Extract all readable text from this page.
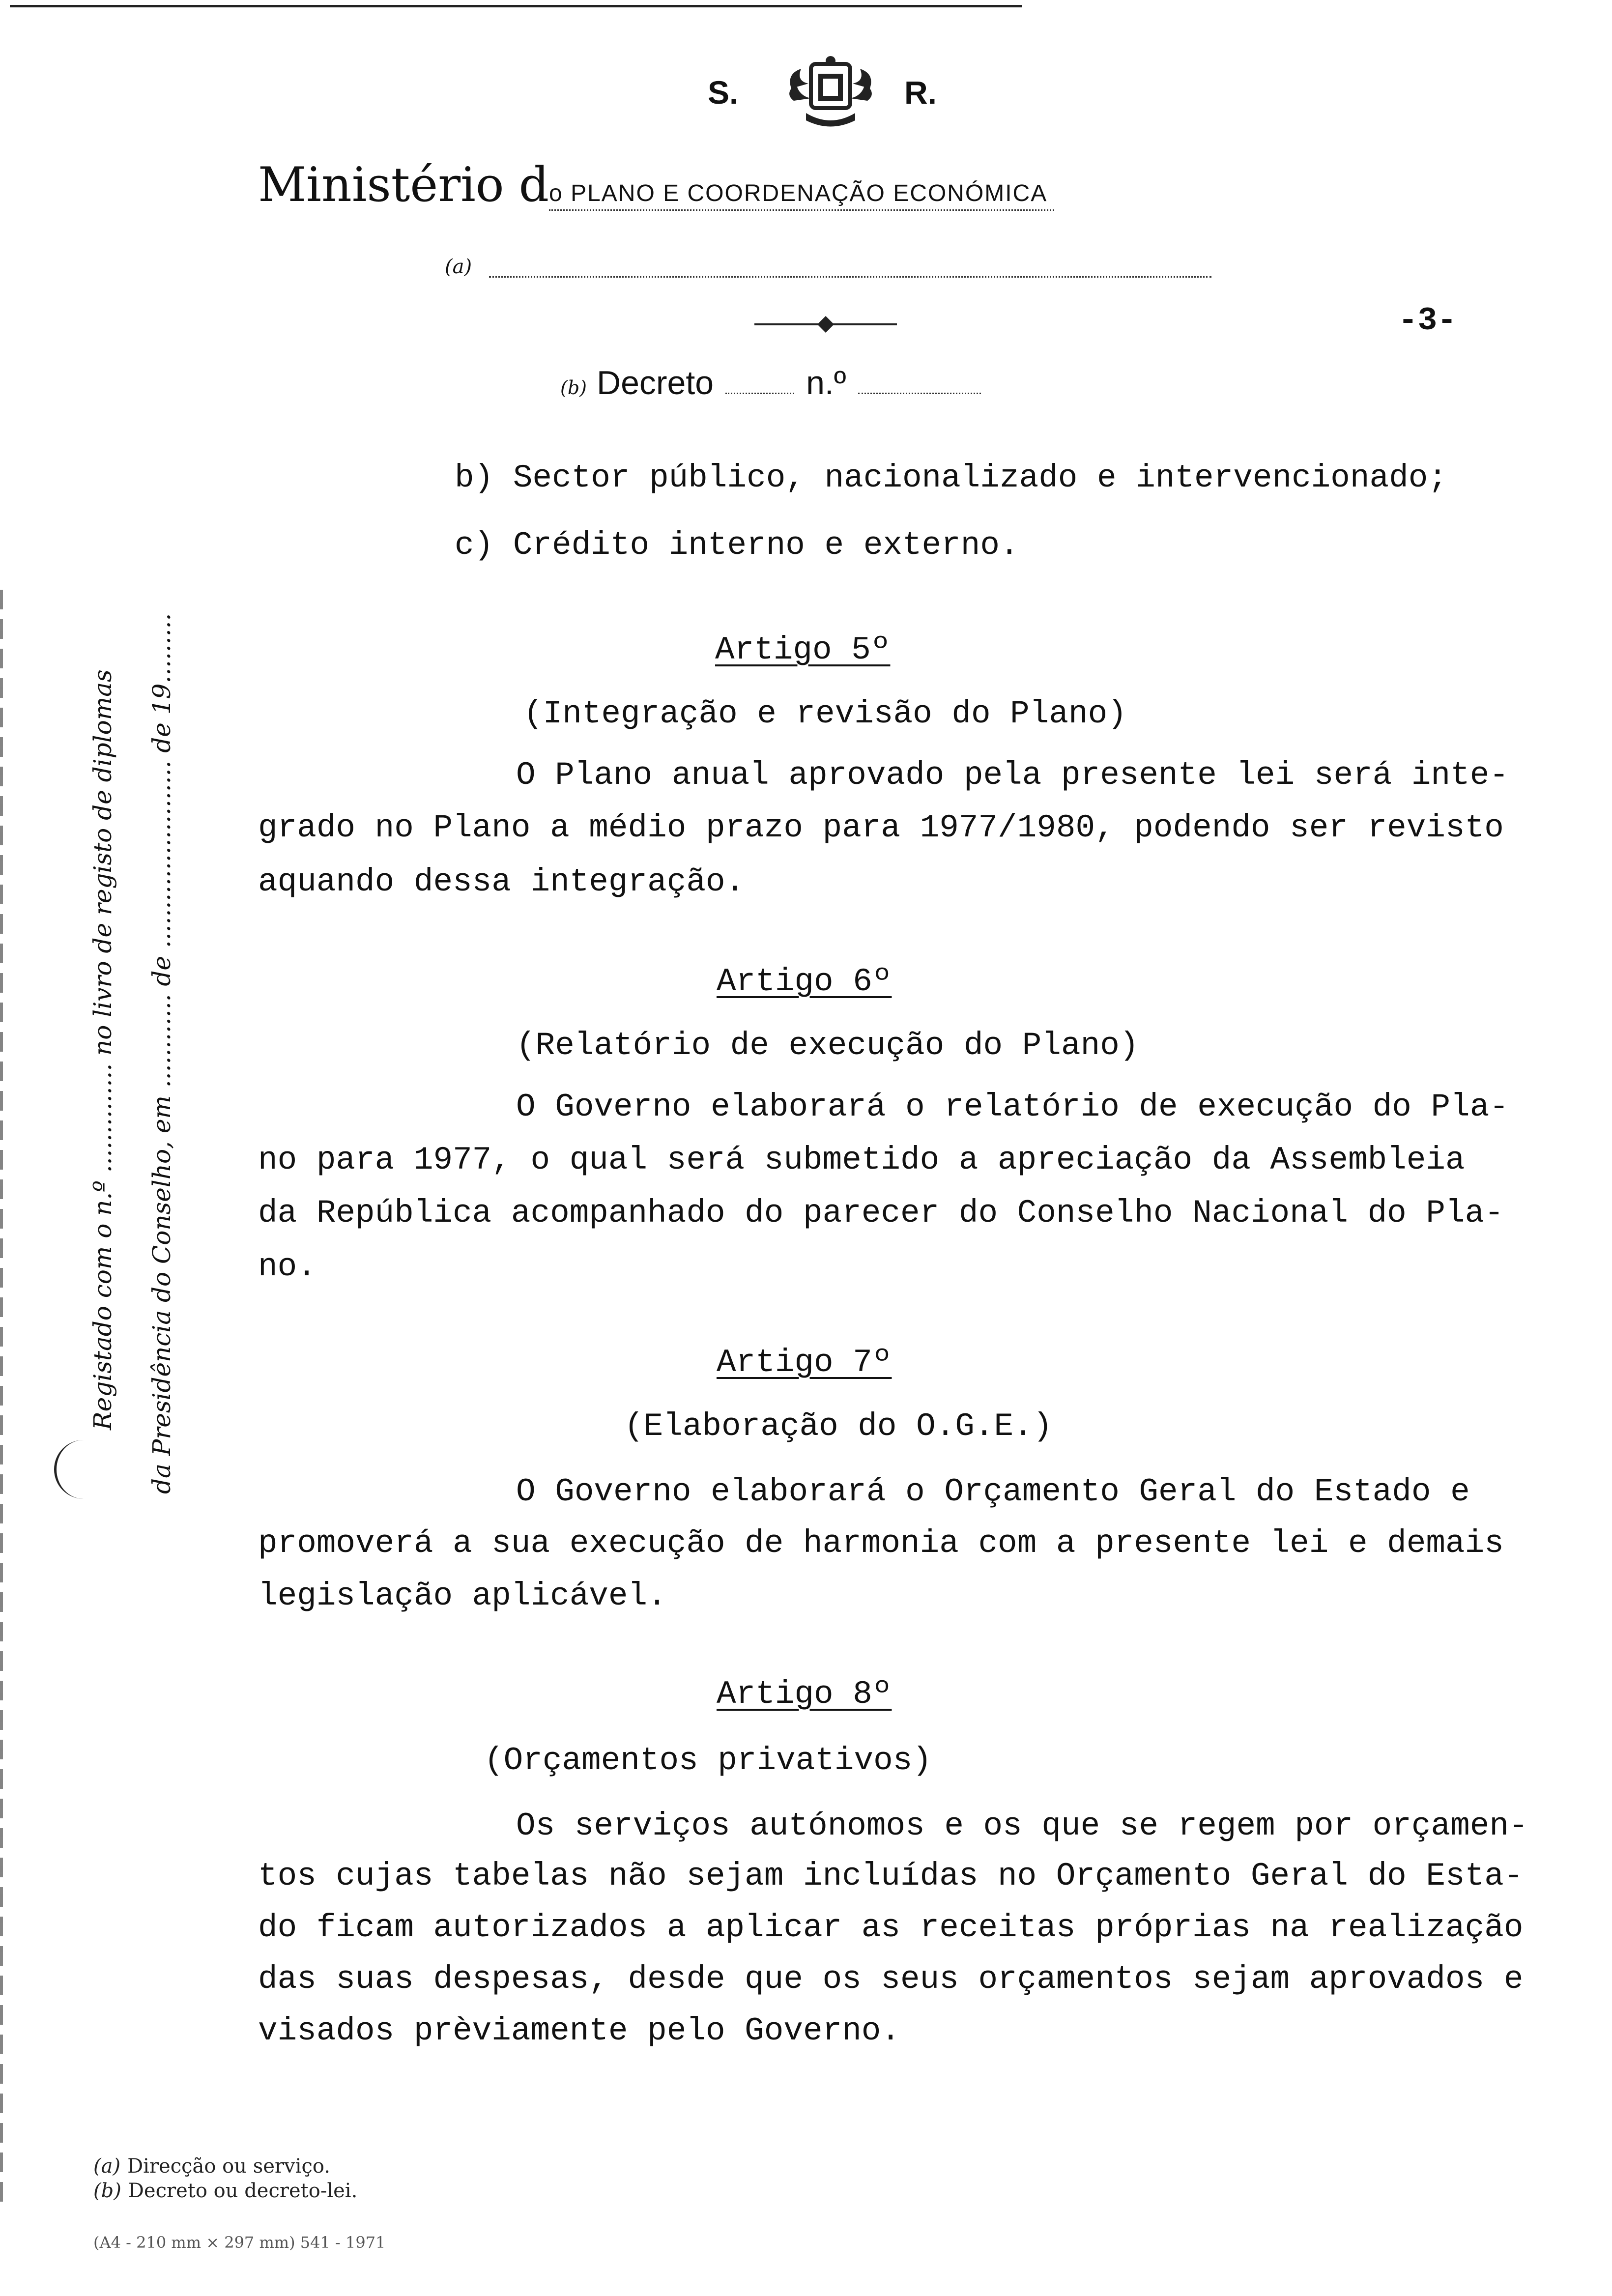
S.	R.
Ministério do PLANO E COORDENAÇÃO ECONÓMICA
(a)
-3-
(b) Decreto	n.º
b) Sector público, nacionalizado e intervencionado;
c) Crédito interno e externo.
Artigo 5º
(Integração e revisão do Plano)
O Plano anual aprovado pela presente lei será inte-
grado no Plano a médio prazo para 1977/1980, podendo ser revisto
aquando dessa integração.
Artigo 6º
(Relatório de execução do Plano)
O Governo elaborará o relatório de execução do Pla-
no para 1977, o qual será submetido a apreciação da Assembleia
da República acompanhado do parecer do Conselho Nacional do Pla-
no.
Artigo 7º
(Elaboração do O.G.E.)
O Governo elaborará o Orçamento Geral do Estado e
promoverá a sua execução de harmonia com a presente lei e demais
legislação aplicável.
Artigo 8º
(Orçamentos privativos)
Os serviços autónomos e os que se regem por orçamen-
tos cujas tabelas não sejam incluídas no Orçamento Geral do Esta-
do ficam autorizados a aplicar as receitas próprias na realização
das suas despesas, desde que os seus orçamentos sejam aprovados e
visados prèviamente pelo Governo.
Registado com o n.º .............. no livro de registo de diplomas da Presidência do Conselho, em ............ de ........................ de 19.........
(a) Direcção ou serviço.
(b) Decreto ou decreto-lei.
(A4 - 210 mm × 297 mm) 541 - 1971
